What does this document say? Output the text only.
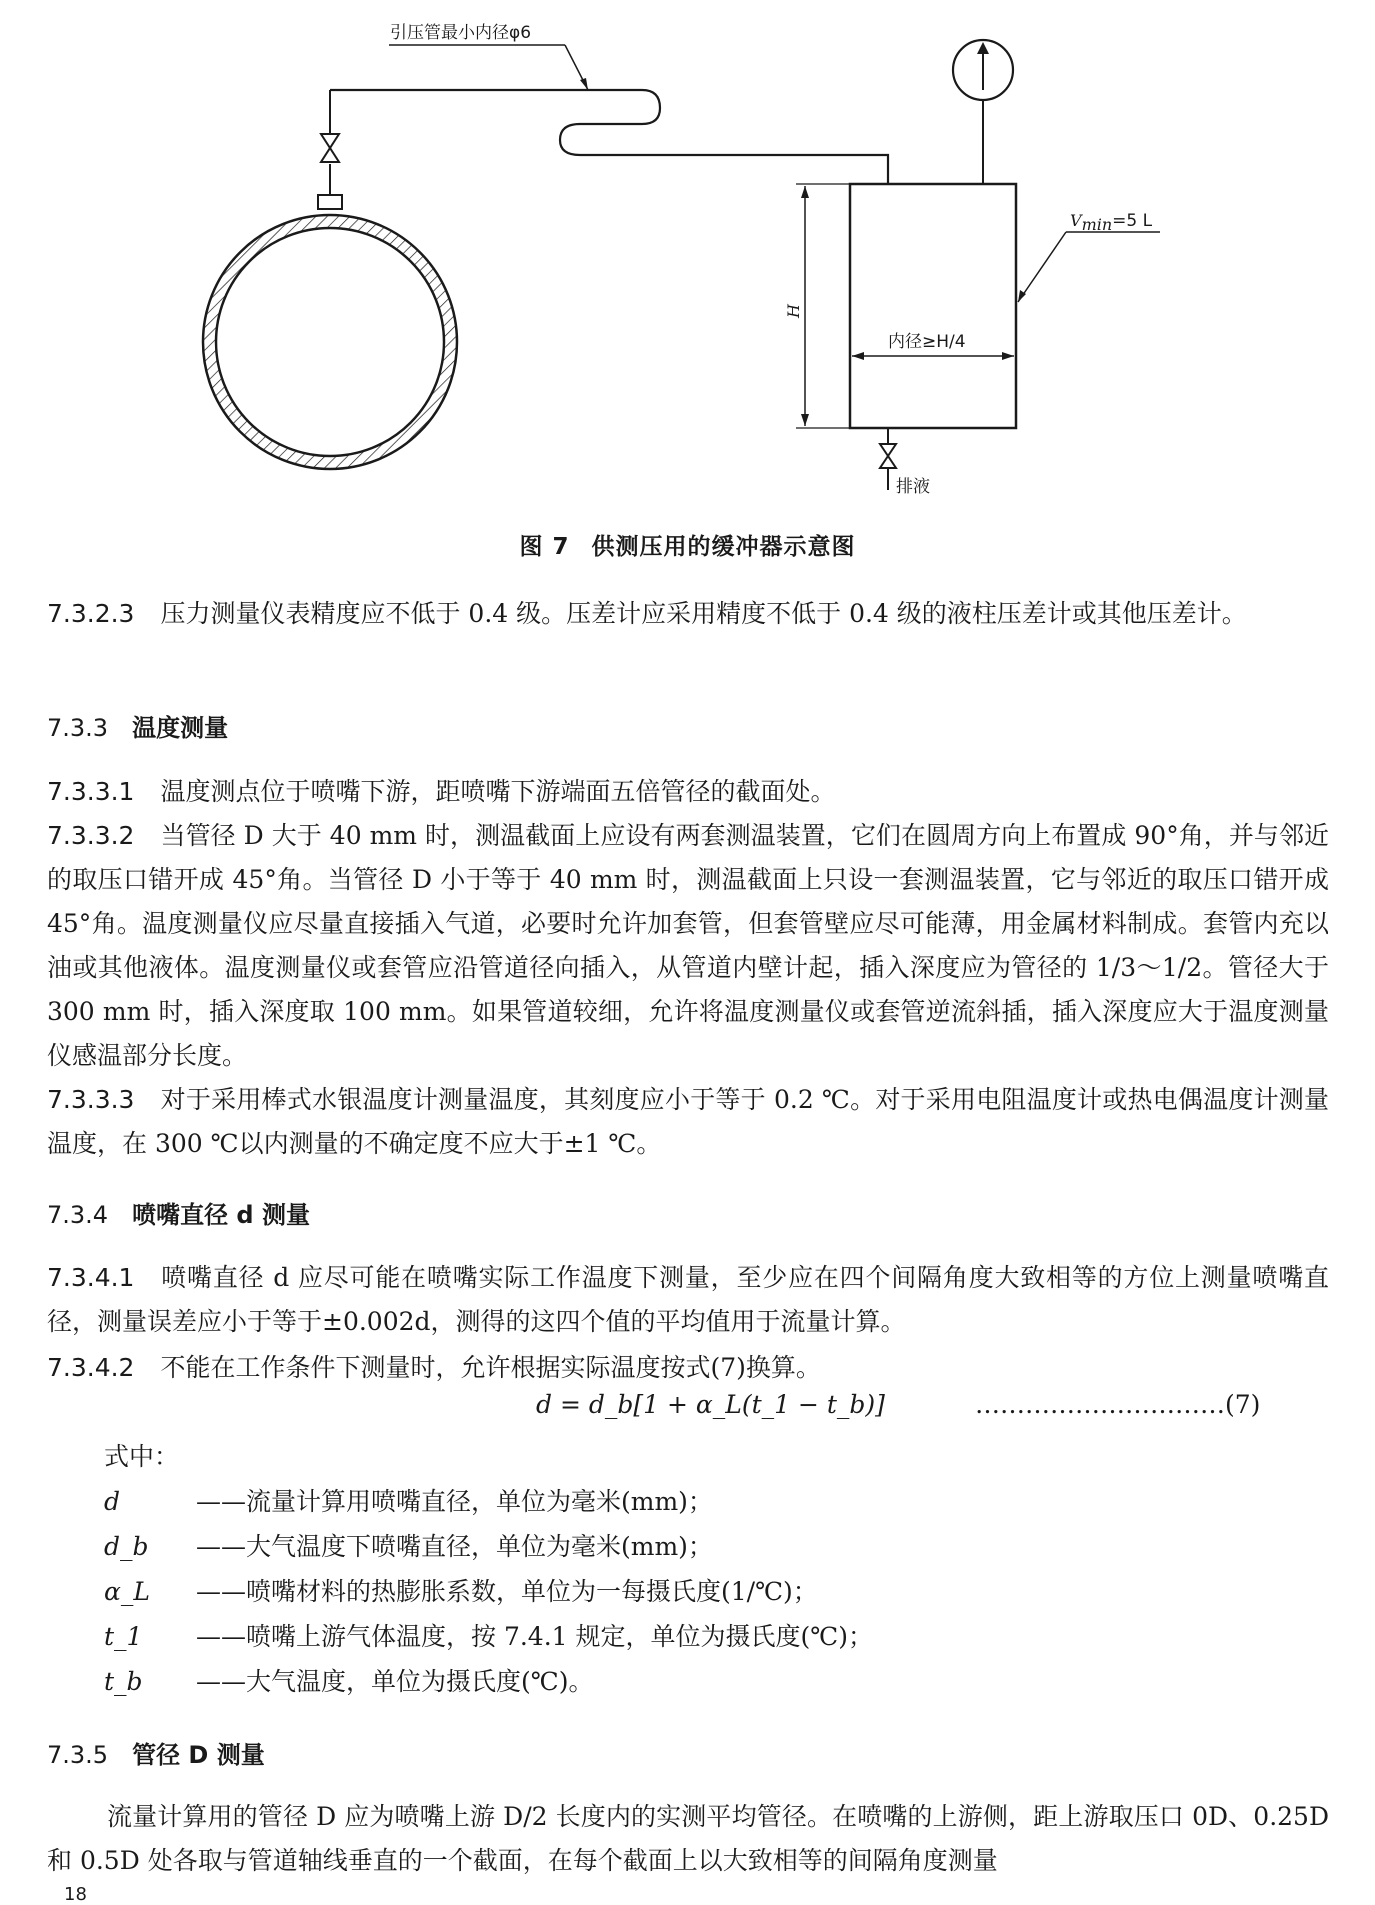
引压管最小内径φ6
H
内径≥H/4
Vmin=5 L
排液
图 7 供测压用的缓冲器示意图
7.3.2.3 压力测量仪表精度应不低于 0.4 级。压差计应采用精度不低于 0.4 级的液柱压差计或其他压差计。
7.3.3 温度测量
7.3.3.1 温度测点位于喷嘴下游，距喷嘴下游端面五倍管径的截面处。
7.3.3.2 当管径 D 大于 40 mm 时，测温截面上应设有两套测温装置，它们在圆周方向上布置成 90°角，并与邻近的取压口错开成 45°角。当管径 D 小于等于 40 mm 时，测温截面上只设一套测温装置，它与邻近的取压口错开成 45°角。温度测量仪应尽量直接插入气道，必要时允许加套管，但套管壁应尽可能薄，用金属材料制成。套管内充以油或其他液体。温度测量仪或套管应沿管道径向插入，从管道内壁计起，插入深度应为管径的 1/3～1/2。管径大于 300 mm 时，插入深度取 100 mm。如果管道较细，允许将温度测量仪或套管逆流斜插，插入深度应大于温度测量仪感温部分长度。
7.3.3.3 对于采用棒式水银温度计测量温度，其刻度应小于等于 0.2 ℃。对于采用电阻温度计或热电偶温度计测量温度，在 300 ℃以内测量的不确定度不应大于±1 ℃。
7.3.4 喷嘴直径 d 测量
7.3.4.1 喷嘴直径 d 应尽可能在喷嘴实际工作温度下测量，至少应在四个间隔角度大致相等的方位上测量喷嘴直径，测量误差应小于等于±0.002d，测得的这四个值的平均值用于流量计算。
7.3.4.2 不能在工作条件下测量时，允许根据实际温度按式(7)换算。
d = d_b[1 + α_L(t_1 − t_b)]	…………………………(7)
式中：
d	——流量计算用喷嘴直径，单位为毫米(mm)；
d_b ——大气温度下喷嘴直径，单位为毫米(mm)；
α_L ——喷嘴材料的热膨胀系数，单位为一每摄氏度(1/℃)；
t_1 ——喷嘴上游气体温度，按 7.4.1 规定，单位为摄氏度(℃)；
t_b ——大气温度，单位为摄氏度(℃)。
7.3.5 管径 D 测量
流量计算用的管径 D 应为喷嘴上游 D/2 长度内的实测平均管径。在喷嘴的上游侧，距上游取压口 0D、0.25D 和 0.5D 处各取与管道轴线垂直的一个截面，在每个截面上以大致相等的间隔角度测量
18
